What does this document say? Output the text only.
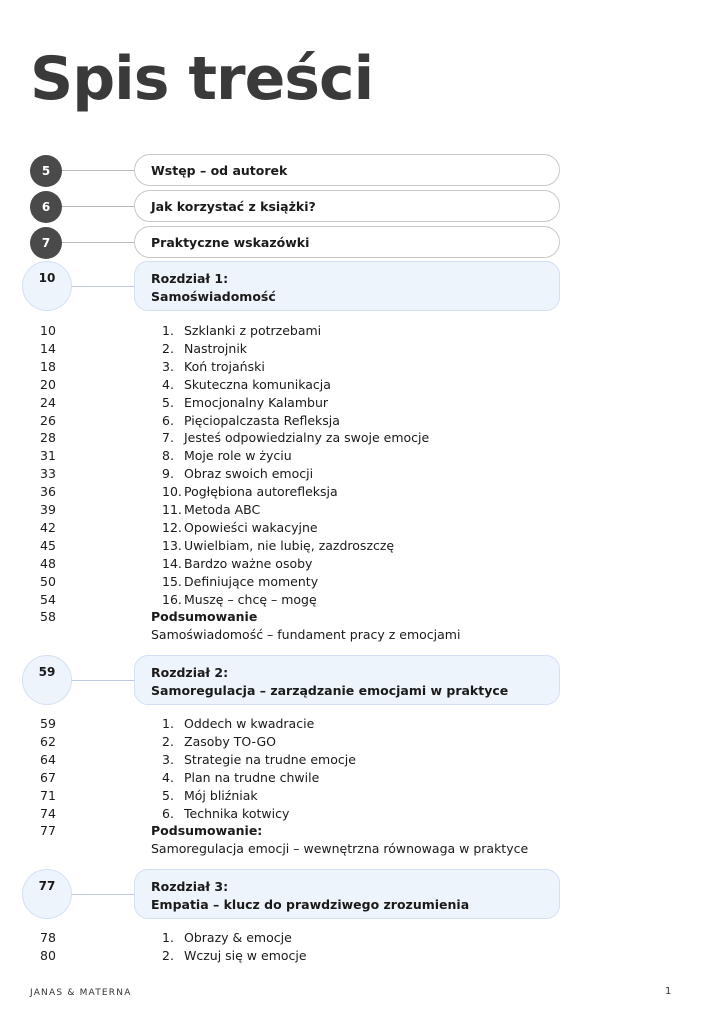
Spis treści
5	Wstęp – od autorek
6	Jak korzystać z książki?
7	Praktyczne wskazówki
10	Rozdział 1:
Samoświadomość
10	1. Szklanki z potrzebami
14	2. Nastrojnik
18	3. Koń trojański
20	4. Skuteczna komunikacja
24	5. Emocjonalny Kalambur
26	6. Pięciopalczasta Refleksja
28	7. Jesteś odpowiedzialny za swoje emocje
31	8. Moje role w życiu
33	9. Obraz swoich emocji
36	10. Pogłębiona autorefleksja
39	11. Metoda ABC
42	12. Opowieści wakacyjne
45	13. Uwielbiam, nie lubię, zazdroszczę
48	14. Bardzo ważne osoby
50	15. Definiujące momenty
54	16. Muszę – chcę – mogę
58	Podsumowanie
Samoświadomość – fundament pracy z emocjami
59	Rozdział 2:
Samoregulacja – zarządzanie emocjami w praktyce
59	1. Oddech w kwadracie
62	2. Zasoby TO-GO
64	3. Strategie na trudne emocje
67	4. Plan na trudne chwile
71	5. Mój bliźniak
74	6. Technika kotwicy
77	Podsumowanie:
Samoregulacja emocji – wewnętrzna równowaga w praktyce
77	Rozdział 3:
Empatia – klucz do prawdziwego zrozumienia
78	1. Obrazy & emocje
80	2. Wczuj się w emocje
JANAS & MATERNA	1
